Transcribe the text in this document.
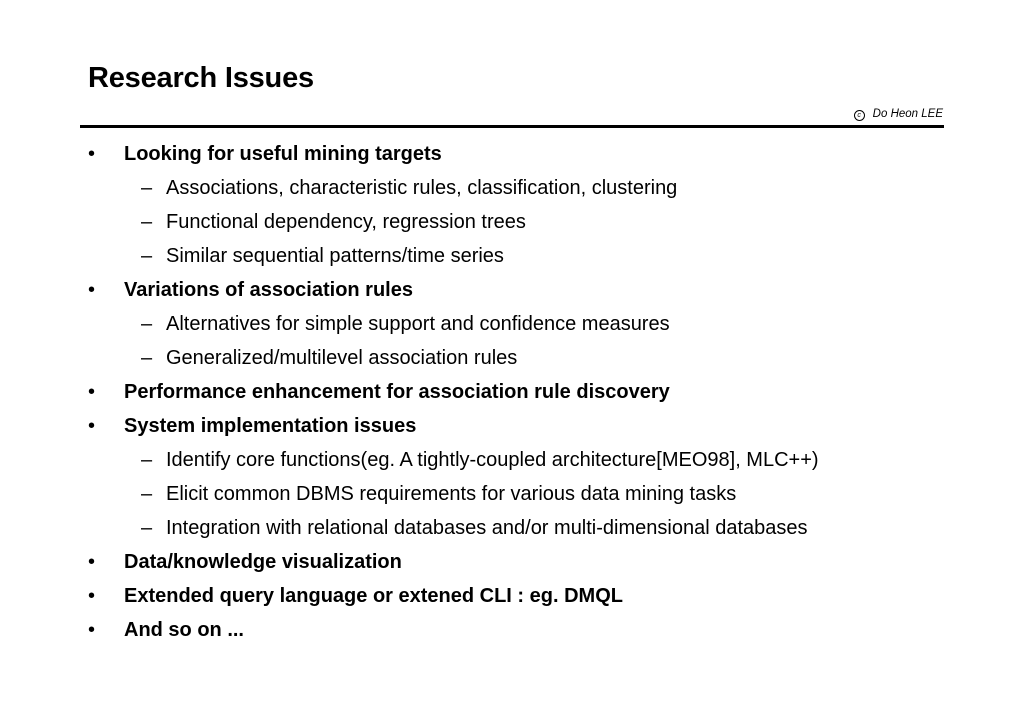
Research Issues
c Do Heon LEE
• Looking for useful mining targets
– Associations, characteristic rules, classification, clustering
– Functional dependency, regression trees
– Similar sequential patterns/time series
• Variations of association rules
– Alternatives for simple support and confidence measures
– Generalized/multilevel association rules
• Performance enhancement for association rule discovery
• System implementation issues
– Identify core functions(eg. A tightly-coupled architecture[MEO98], MLC++)
– Elicit common DBMS requirements for various data mining tasks
– Integration with relational databases and/or multi-dimensional databases
• Data/knowledge visualization
• Extended query language or extened CLI : eg. DMQL
• And so on ...
